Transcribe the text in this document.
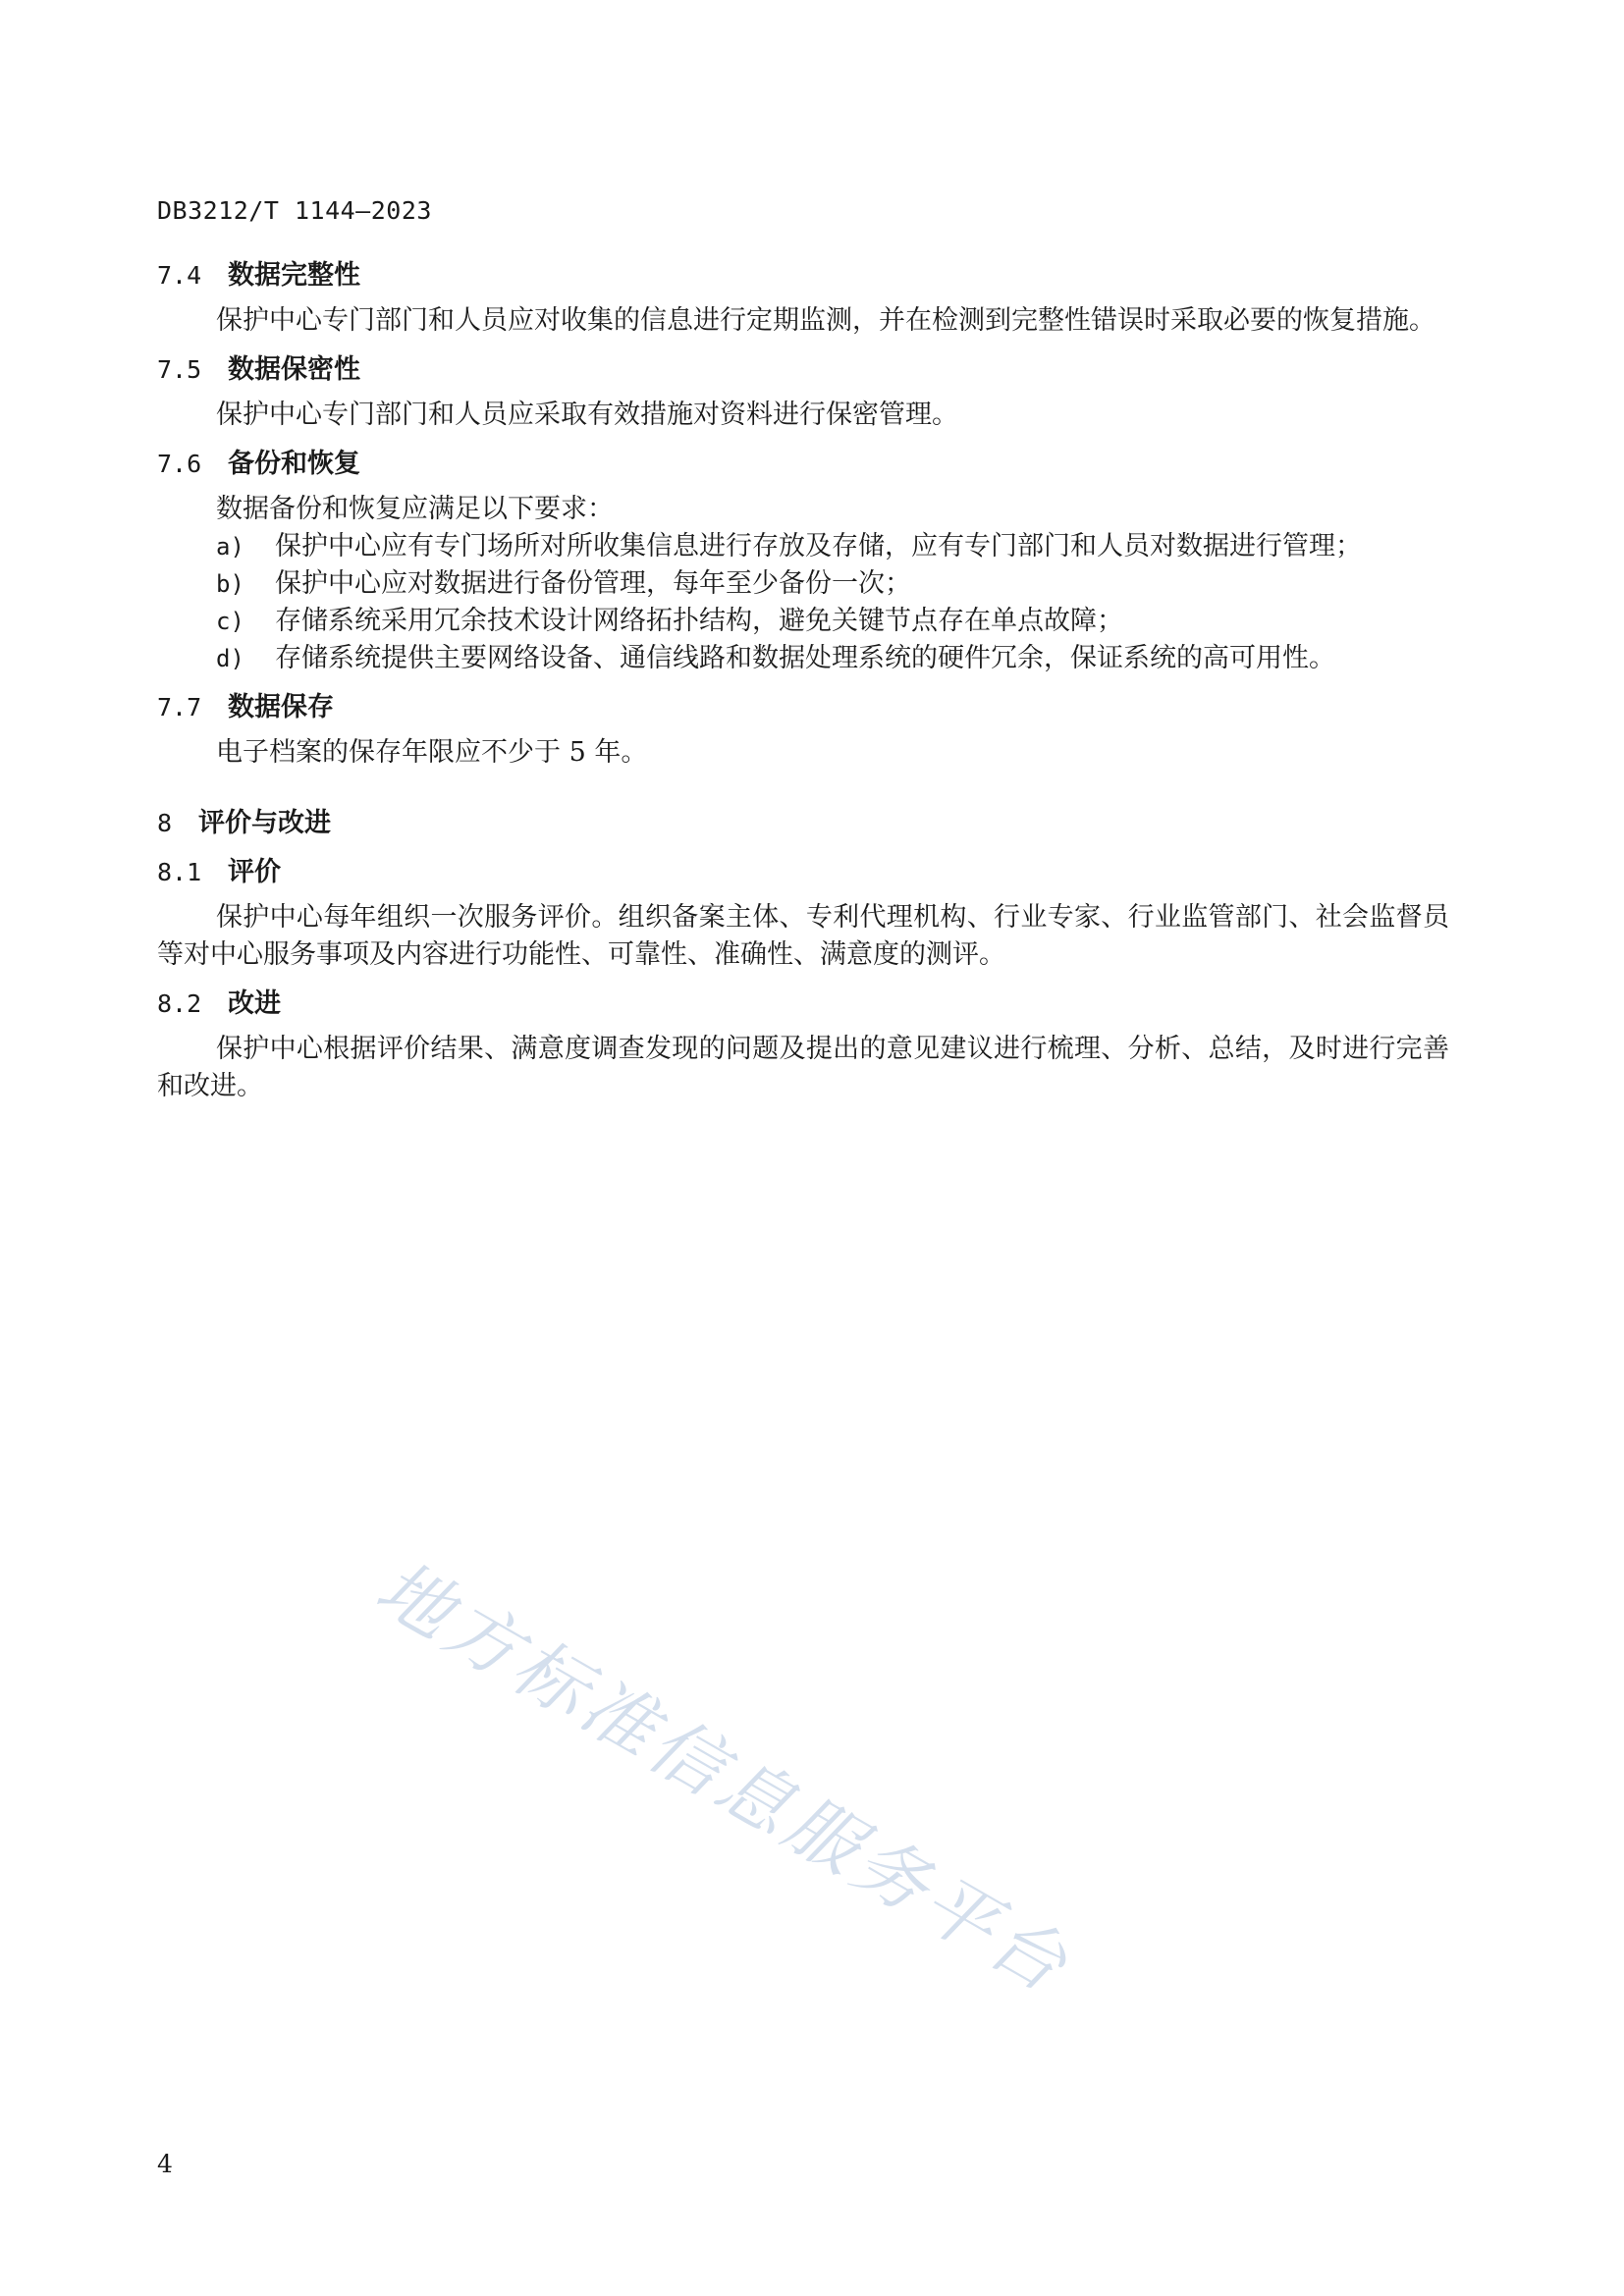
DB3212/T 1144—2023
7.4 数据完整性

保护中心专门部门和人员应对收集的信息进行定期监测，并在检测到完整性错误时采取必要的恢复措施。

7.5 数据保密性

保护中心专门部门和人员应采取有效措施对资料进行保密管理。

7.6 备份和恢复

数据备份和恢复应满足以下要求：

a)	保护中心应有专门场所对所收集信息进行存放及存储，应有专门部门和人员对数据进行管理；
b)	保护中心应对数据进行备份管理，每年至少备份一次；
c)	存储系统采用冗余技术设计网络拓扑结构，避免关键节点存在单点故障；
d)	存储系统提供主要网络设备、通信线路和数据处理系统的硬件冗余，保证系统的高可用性。
7.7 数据保存

电子档案的保存年限应不少于 5 年。

8 评价与改进
8.1 评价

保护中心每年组织一次服务评价。组织备案主体、专利代理机构、行业专家、行业监管部门、社会监督员等对中心服务事项及内容进行功能性、可靠性、准确性、满意度的测评。

8.2 改进

保护中心根据评价结果、满意度调查发现的问题及提出的意见建议进行梳理、分析、总结，及时进行完善和改进。

地方标准信息服务平台
4
